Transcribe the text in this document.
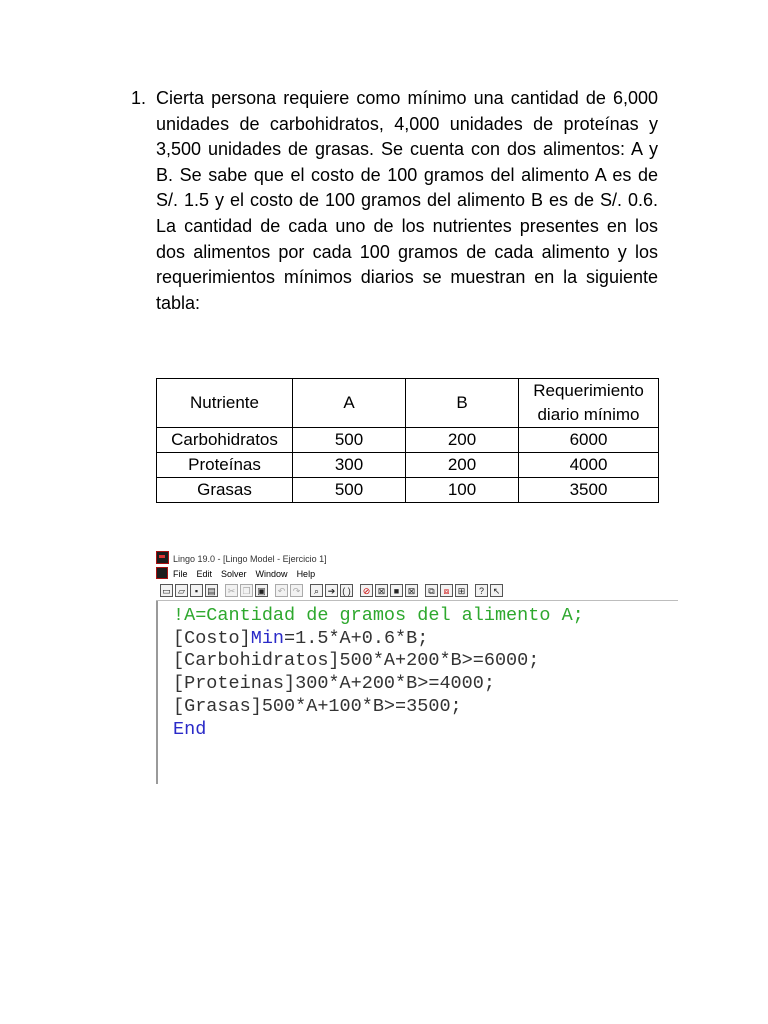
1. Cierta persona requiere como mínimo una cantidad de 6,000 unidades de carbohidratos, 4,000 unidades de proteínas y 3,500 unidades de grasas. Se cuenta con dos alimentos: A y B. Se sabe que el costo de 100 gramos del alimento A es de S/. 1.5 y el costo de 100 gramos del alimento B es de S/. 0.6. La cantidad de cada uno de los nutrientes presentes en los dos alimentos por cada 100 gramos de cada alimento y los requerimientos mínimos diarios se muestran en la siguiente tabla:
Nutriente	A	B	Requerimiento diario mínimo
Carbohidratos	500	200	6000
Proteínas	300	200	4000
Grasas	500	100	3500
Lingo 19.0 - [Lingo Model - Ejercicio 1]
File Edit Solver Window Help
▭ ▱	▪	▤	✂ ❐ ▣	↶ ↷	⌕ ➔ ( )	⊘ ⊠ ■ ⊠	⧉ ⧈ ⊞	? ↖
!A=Cantidad de gramos del alimento A;
[Costo]Min=1.5*A+0.6*B;
[Carbohidratos]500*A+200*B>=6000;
[Proteinas]300*A+200*B>=4000;
[Grasas]500*A+100*B>=3500;
End
